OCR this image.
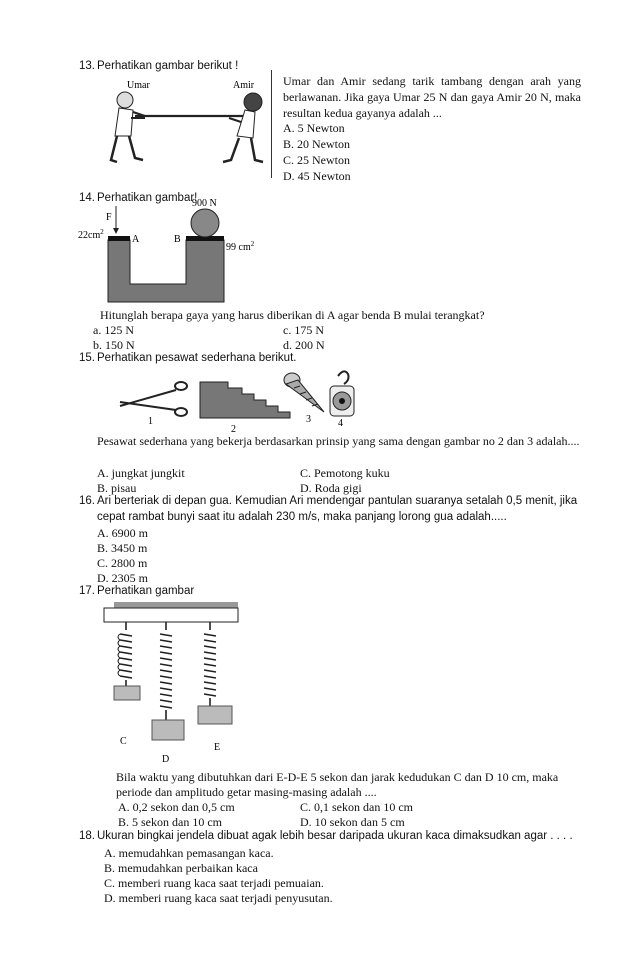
13. Perhatikan gambar berikut !
Umar	Amir Umar dan Amir sedang tarik tambang dengan arah yang berlawanan. Jika gaya Umar 25 N dan gaya Amir 20 N, maka resultan kedua gayanya adalah ...
A. 5 Newton
B. 20 Newton
C. 25 Newton
D. 45 Newton
14. Perhatikan gambar!
900 N
F
$22cm^2$
A	B
99 $cm^2$
Hitunglah berapa gaya yang harus diberikan di A agar benda B mulai terangkat?
a. 125 N	c. 175 N
b. 150 N	d. 200 N
15. Perhatikan pesawat sederhana berikut.
1
2
3	4
Pesawat sederhana yang bekerja berdasarkan prinsip yang sama dengan gambar no 2 dan 3 adalah....
A. jungkat jungkit	C. Pemotong kuku
B. pisau	D. Roda gigi
16. Ari berteriak di depan gua. Kemudian Ari mendengar pantulan suaranya setalah 0,5 menit, jika
cepat rambat bunyi saat itu adalah 230 m/s, maka panjang lorong gua adalah.....
A. 6900 m
B. 3450 m
C. 2800 m
D. 2305 m
17. Perhatikan gambar
C
D
E
Bila waktu yang dibutuhkan dari E-D-E 5 sekon dan jarak kedudukan C dan D 10 cm, maka
periode dan amplitudo getar masing-masing adalah ....
A. 0,2 sekon dan 0,5 cm	C. 0,1 sekon dan 10 cm
B. 5 sekon dan 10 cm	D. 10 sekon dan 5 cm
18. Ukuran bingkai jendela dibuat agak lebih besar daripada ukuran kaca dimaksudkan agar . . . .
A. memudahkan pemasangan kaca.
B. memudahkan perbaikan kaca
C. memberi ruang kaca saat terjadi pemuaian.
D. memberi ruang kaca saat terjadi penyusutan.
